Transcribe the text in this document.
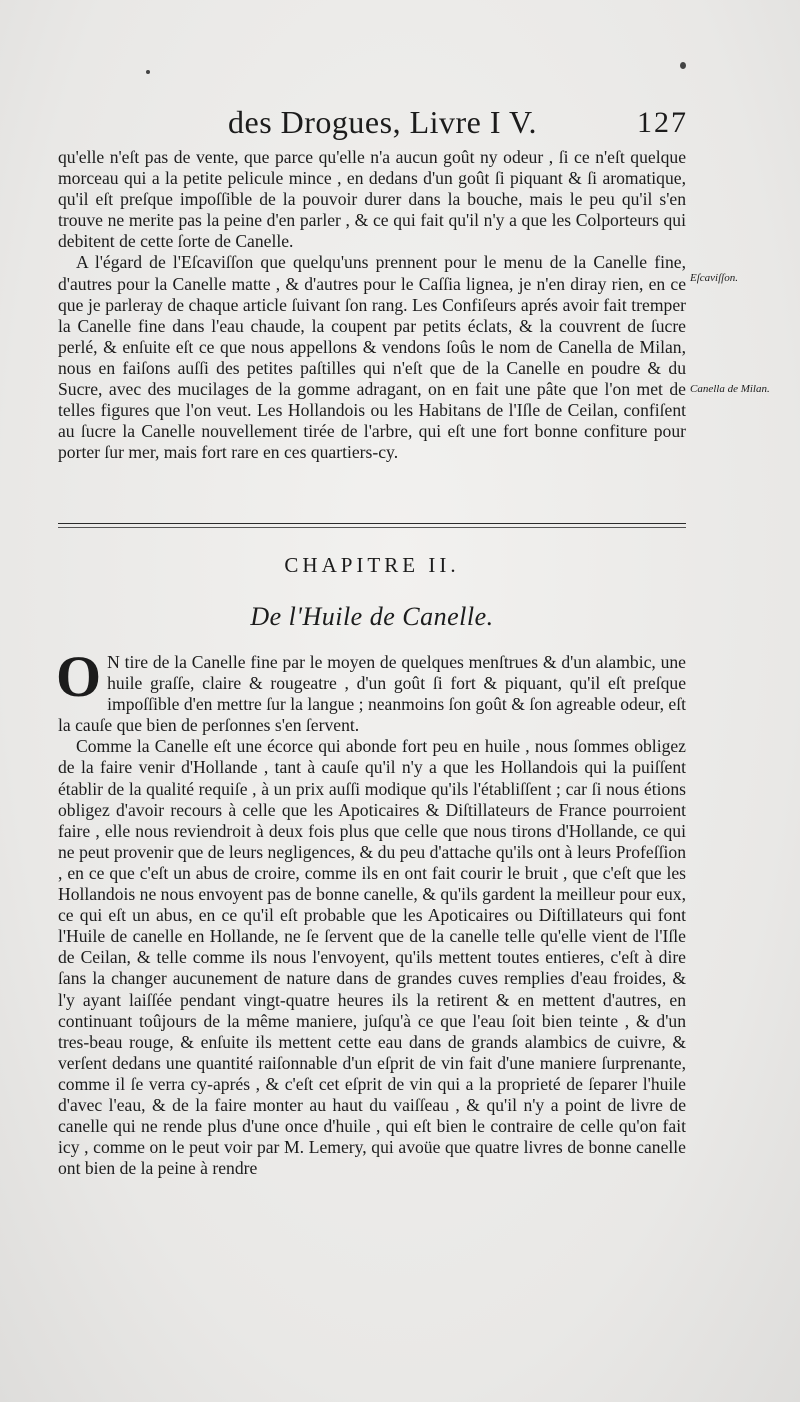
des Drogues, Livre I V.	127

qu'elle n'eſt pas de vente, que parce qu'elle n'a aucun goût ny odeur , ſi ce n'eſt quelque morceau qui a la petite pelicule mince , en dedans d'un goût ſi piquant & ſi aromatique, qu'il eſt preſque impoſſible de la pouvoir durer dans la bouche, mais le peu qu'il s'en trouve ne merite pas la peine d'en parler , & ce qui fait qu'il n'y a que les Colporteurs qui debitent de cette ſorte de Canelle.

A l'égard de l'Eſcaviſſon que quelqu'uns prennent pour le menu de la Canelle fine, d'autres pour la Canelle matte , & d'autres pour le Caſſia lignea, je n'en diray rien, en ce que je parleray de chaque article ſuivant ſon rang. Les Confiſeurs aprés avoir fait tremper la Canelle fine dans l'eau chaude, la coupent par petits éclats, & la couvrent de ſucre perlé, & enſuite eſt ce que nous appellons & vendons ſoûs le nom de Canella de Milan, nous en faiſons auſſi des petites paſtilles qui n'eſt que de la Canelle en poudre & du Sucre, avec des mucilages de la gomme adragant, on en fait une pâte que l'on met de telles figures que l'on veut. Les Hollandois ou les Habitans de l'Iſle de Ceilan, confiſent au ſucre la Canelle nouvellement tirée de l'arbre, qui eſt une fort bonne confiture pour porter ſur mer, mais fort rare en ces quartiers-cy.

Eſcaviſſon.
Canella de Milan.
CHAPITRE II.
De l'Huile de Canelle.

O N tire de la Canelle fine par le moyen de quelques menſtrues & d'un alambic, une huile graſſe, claire & rougeatre , d'un goût ſi fort & piquant, qu'il eſt preſque impoſſible d'en mettre ſur la langue ; neanmoins ſon goût & ſon agreable odeur, eſt la cauſe que bien de perſonnes s'en ſervent.

Comme la Canelle eſt une écorce qui abonde fort peu en huile , nous ſommes obligez de la faire venir d'Hollande , tant à cauſe qu'il n'y a que les Hollandois qui la puiſſent établir de la qualité requiſe , à un prix auſſi modique qu'ils l'établiſſent ; car ſi nous étions obligez d'avoir recours à celle que les Apoticaires & Diſtillateurs de France pourroient faire , elle nous reviendroit à deux fois plus que celle que nous tirons d'Hollande, ce qui ne peut provenir que de leurs negligences, & du peu d'attache qu'ils ont à leurs Profeſſion , en ce que c'eſt un abus de croire, comme ils en ont fait courir le bruit , que c'eſt que les Hollandois ne nous envoyent pas de bonne canelle, & qu'ils gardent la meilleur pour eux, ce qui eſt un abus, en ce qu'il eſt probable que les Apoticaires ou Diſtillateurs qui font l'Huile de canelle en Hollande, ne ſe ſervent que de la canelle telle qu'elle vient de l'Iſle de Ceilan, & telle comme ils nous l'envoyent, qu'ils mettent toutes entieres, c'eſt à dire ſans la changer aucunement de nature dans de grandes cuves remplies d'eau froides, & l'y ayant laiſſée pendant vingt-quatre heures ils la retirent & en mettent d'autres, en continuant toûjours de la même maniere, juſqu'à ce que l'eau ſoit bien teinte , & d'un tres-beau rouge, & enſuite ils mettent cette eau dans de grands alambics de cuivre, & verſent dedans une quantité raiſonnable d'un eſprit de vin fait d'une maniere ſurprenante, comme il ſe verra cy-aprés , & c'eſt cet eſprit de vin qui a la proprieté de ſeparer l'huile d'avec l'eau, & de la faire monter au haut du vaiſſeau , & qu'il n'y a point de livre de canelle qui ne rende plus d'une once d'huile , qui eſt bien le contraire de celle qu'on fait icy , comme on le peut voir par M. Lemery, qui avoüe que quatre livres de bonne canelle ont bien de la peine à rendre
